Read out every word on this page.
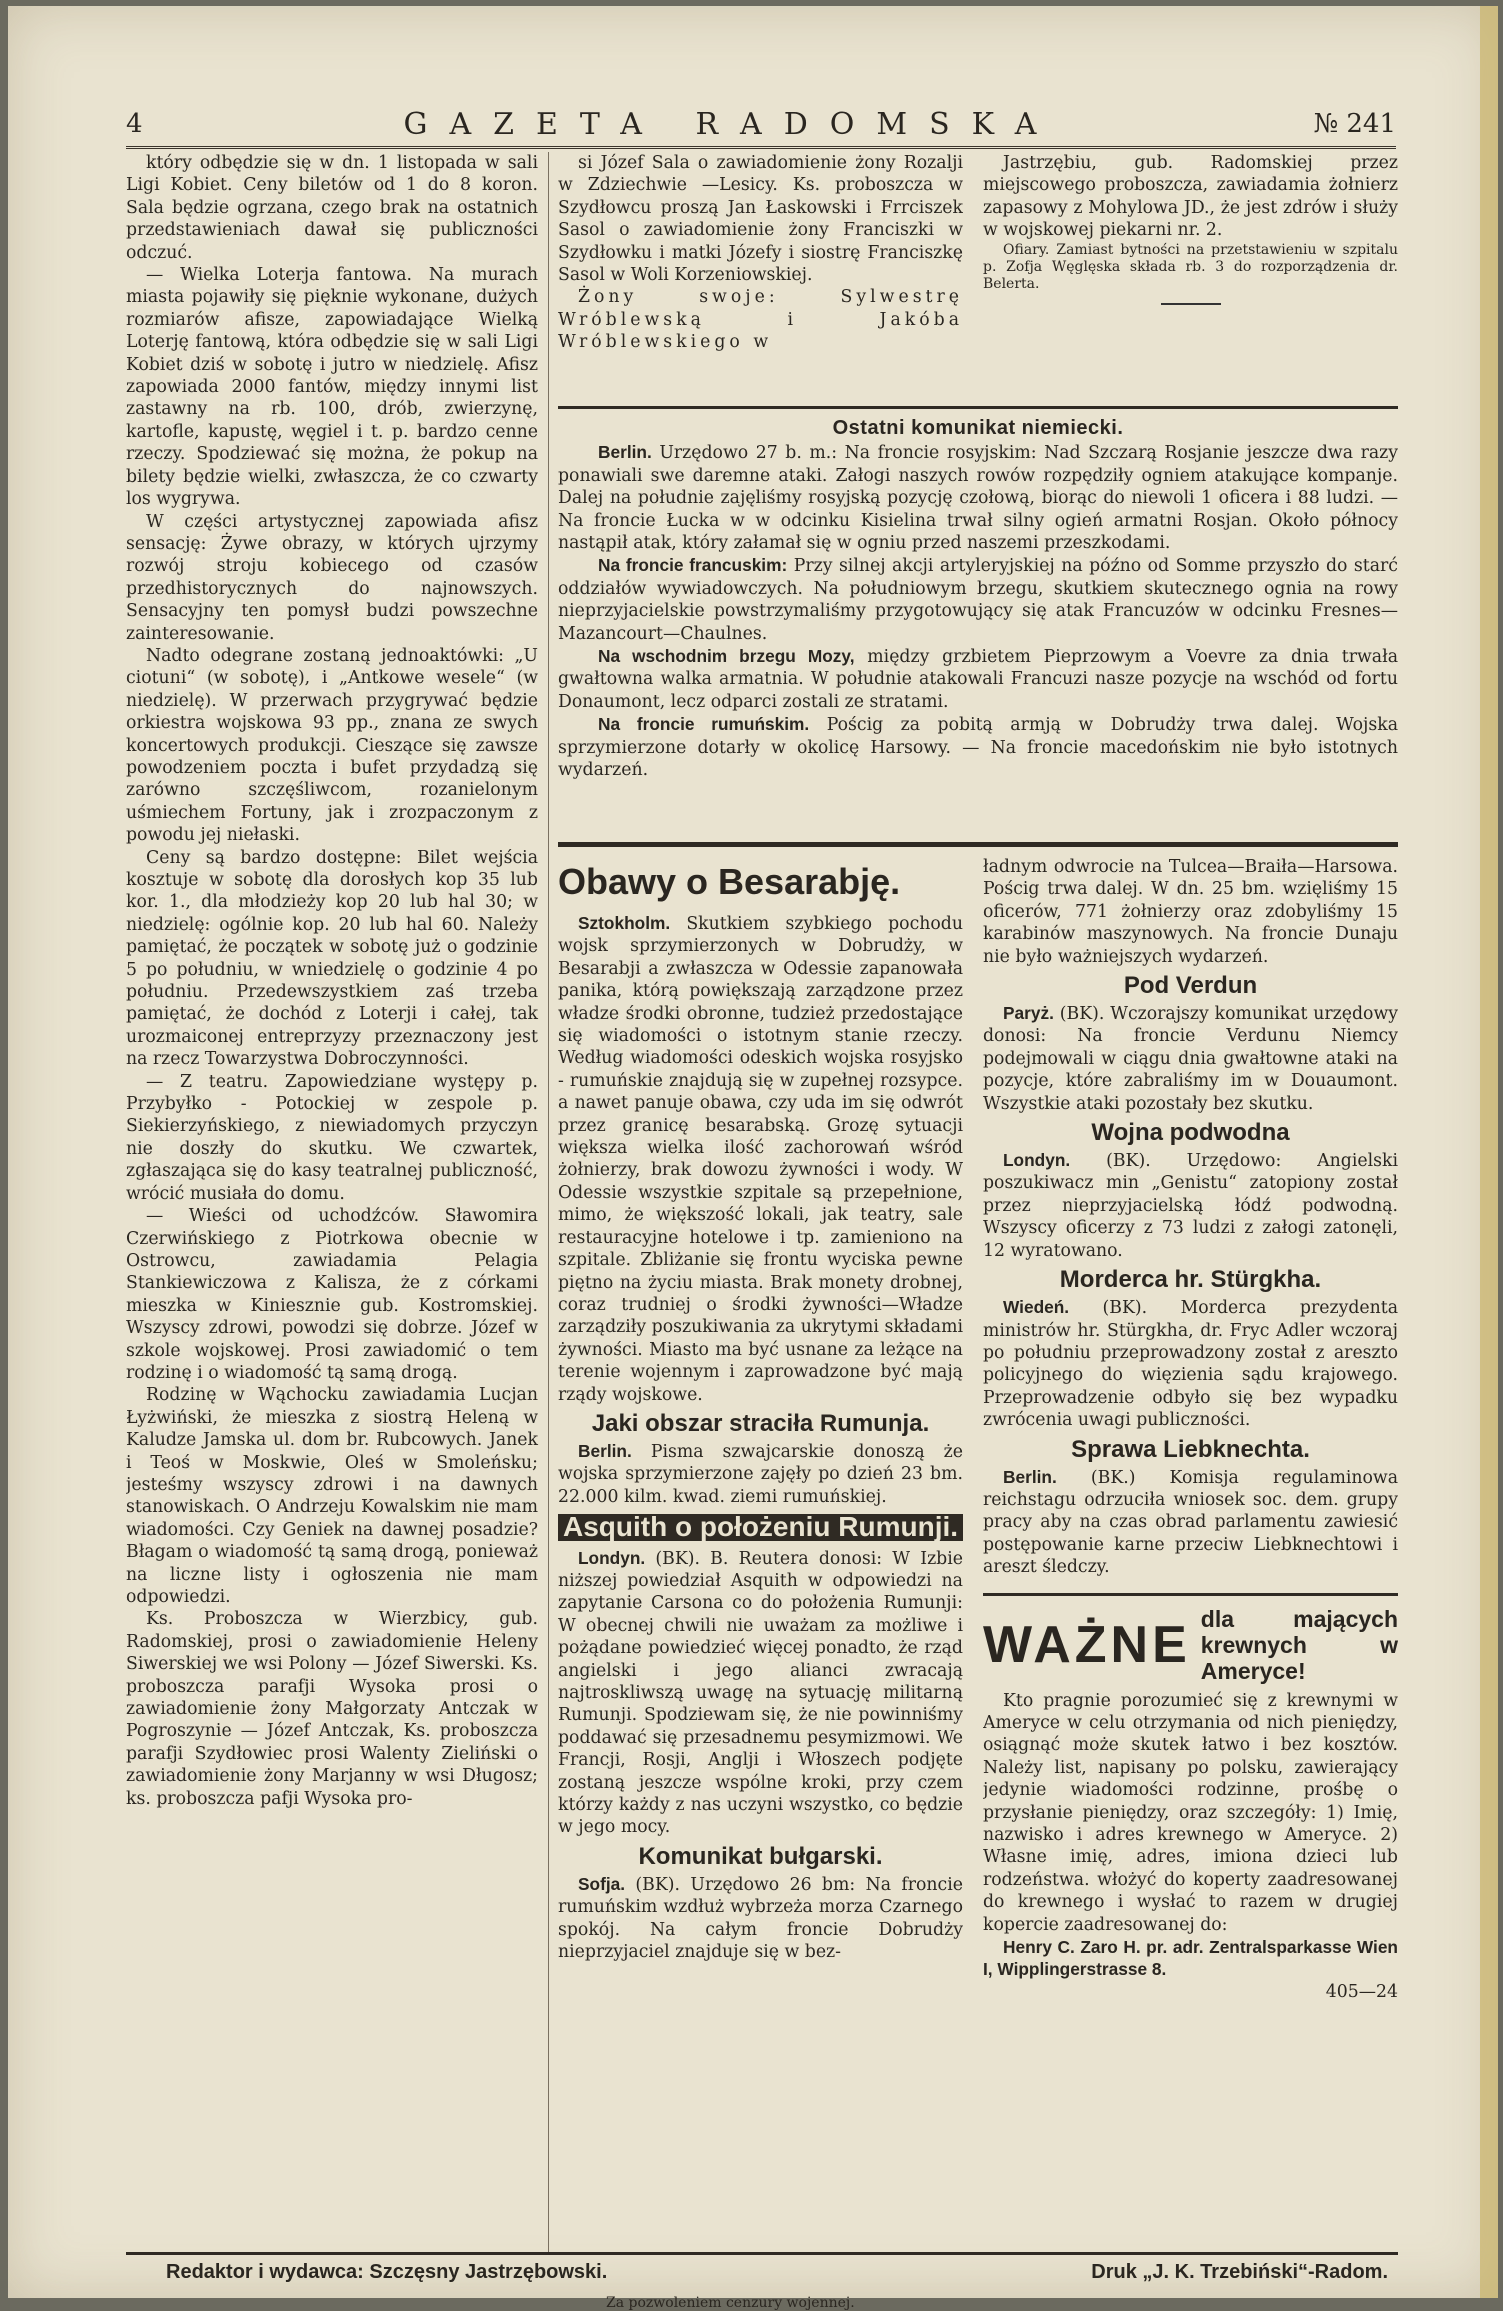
4	GAZETA RADOMSKA	№ 241

który odbędzie się w dn. 1 listopada w sali Ligi Kobiet. Ceny biletów od 1 do 8 koron. Sala będzie ogrzana, czego brak na ostatnich przedstawieniach dawał się publiczności odczuć.

— Wielka Loterja fantowa. Na murach miasta pojawiły się pięknie wykonane, dużych rozmiarów afisze, zapowiadające Wielką Loterję fantową, która odbędzie się w sali Ligi Kobiet dziś w sobotę i jutro w niedzielę. Afisz zapowiada 2000 fantów, między innymi list zastawny na rb. 100, drób, zwierzynę, kartofle, kapustę, węgiel i t. p. bardzo cenne rzeczy. Spodziewać się można, że pokup na bilety będzie wielki, zwłaszcza, że co czwarty los wygrywa.

W części artystycznej zapowiada afisz sensację: Żywe obrazy, w których ujrzymy rozwój stroju kobiecego od czasów przedhistorycznych do najnowszych. Sensacyjny ten pomysł budzi powszechne zainteresowanie.

Nadto odegrane zostaną jednoaktówki: „U ciotuni“ (w sobotę), i „Antkowe wesele“ (w niedzielę). W przerwach przygrywać będzie orkiestra wojskowa 93 pp., znana ze swych koncertowych produkcji. Cieszące się zawsze powodzeniem poczta i bufet przydadzą się zarówno szczęśliwcom, rozanielonym uśmiechem Fortuny, jak i zrozpaczonym z powodu jej niełaski.

Ceny są bardzo dostępne: Bilet wejścia kosztuje w sobotę dla dorosłych kop 35 lub kor. 1., dla młodzieży kop 20 lub hal 30; w niedzielę: ogólnie kop. 20 lub hal 60. Należy pamiętać, że początek w sobotę już o godzinie 5 po południu, w wniedzielę o godzinie 4 po południu. Przedewszystkiem zaś trzeba pamiętać, że dochód z Loterji i całej, tak urozmaiconej entreprzyzy przeznaczony jest na rzecz Towarzystwa Dobroczynności.

— Z teatru. Zapowiedziane występy p. Przybyłko - Potockiej w zespole p. Siekierzyńskiego, z niewiadomych przyczyn nie doszły do skutku. We czwartek, zgłaszająca się do kasy teatralnej publiczność, wrócić musiała do domu.

— Wieści od uchodźców. Sławomira Czerwińskiego z Piotrkowa obecnie w Ostrowcu, zawiadamia Pelagia Stankiewiczowa z Kalisza, że z córkami mieszka w Kiniesznie gub. Kostromskiej. Wszyscy zdrowi, powodzi się dobrze. Józef w szkole wojskowej. Prosi zawiadomić o tem rodzinę i o wiadomość tą samą drogą.

Rodzinę w Wąchocku zawiadamia Lucjan Łyżwiński, że mieszka z siostrą Heleną w Kaludze Jamska ul. dom br. Rubcowych. Janek i Teoś w Moskwie, Oleś w Smoleńsku; jesteśmy wszyscy zdrowi i na dawnych stanowiskach. O Andrzeju Kowalskim nie mam wiadomości. Czy Geniek na dawnej posadzie? Błagam o wiadomość tą samą drogą, ponieważ na liczne listy i ogłoszenia nie mam odpowiedzi.

Ks. Proboszcza w Wierzbicy, gub. Radomskiej, prosi o zawiadomienie Heleny Siwerskiej we wsi Polony — Józef Siwerski. Ks. proboszcza parafji Wysoka prosi o zawiadomienie żony Małgorzaty Antczak w Pogroszynie — Józef Antczak, Ks. proboszcza parafji Szydłowiec prosi Walenty Zieliński o zawiadomienie żony Marjanny w wsi Długosz; ks. proboszcza pafji Wysoka pro-

si Józef Sala o zawiadomienie żony Rozalji w Zdziechwie —Lesicy. Ks. proboszcza w Szydłowcu proszą Jan Łaskowski i Frrciszek Sasol o zawiadomienie żony Franciszki w Szydłowku i matki Józefy i siostrę Franciszkę Sasol w Woli Korzeniowskiej.

Żony swoje: Sylwestrę Wróblewską i Jakóba Wróblewskiego w

Jastrzębiu, gub. Radomskiej przez miejscowego proboszcza, zawiadamia żołnierz zapasowy z Mohylowa JD., że jest zdrów i służy w wojskowej piekarni nr. 2.

Ofiary. Zamiast bytności na przetstawieniu w szpitalu p. Zofja Węglęska składa rb. 3 do rozporządzenia dr. Belerta.

Ostatni komunikat niemiecki.

Berlin. Urzędowo 27 b. m.: Na froncie rosyjskim: Nad Szczarą Rosjanie jeszcze dwa razy ponawiali swe daremne ataki. Załogi naszych rowów rozpędziły ogniem atakujące kompanje. Dalej na południe zajęliśmy rosyjską pozycję czołową, biorąc do niewoli 1 oficera i 88 ludzi. — Na froncie Łucka w w odcinku Kisielina trwał silny ogień armatni Rosjan. Około północy nastąpił atak, który załamał się w ogniu przed naszemi przeszkodami.

Na froncie francuskim: Przy silnej akcji artyleryjskiej na późno od Somme przyszło do starć oddziałów wywiadowczych. Na południowym brzegu, skutkiem skutecznego ognia na rowy nieprzyjacielskie powstrzymaliśmy przygotowujący się atak Francuzów w odcinku Fresnes—Mazancourt—Chaulnes.

Na wschodnim brzegu Mozy, między grzbietem Pieprzowym a Voevre za dnia trwała gwałtowna walka armatnia. W południe atakowali Francuzi nasze pozycje na wschód od fortu Donaumont, lecz odparci zostali ze stratami.

Na froncie rumuńskim. Pościg za pobitą armją w Dobrudży trwa dalej. Wojska sprzymierzone dotarły w okolicę Harsowy. — Na froncie macedońskim nie było istotnych wydarzeń.

Obawy o Besarabję.

Sztokholm. Skutkiem szybkiego pochodu wojsk sprzymierzonych w Dobrudży, w Besarabji a zwłaszcza w Odessie zapanowała panika, którą powiększają zarządzone przez władze środki obronne, tudzież przedostające się wiadomości o istotnym stanie rzeczy. Według wiadomości odeskich wojska rosyjsko - rumuńskie znajdują się w zupełnej rozsypce. a nawet panuje obawa, czy uda im się odwrót przez granicę besarabską. Grozę sytuacji większa wielka ilość zachorowań wśród żołnierzy, brak dowozu żywności i wody. W Odessie wszystkie szpitale są przepełnione, mimo, że większość lokali, jak teatry, sale restauracyjne hotelowe i tp. zamieniono na szpitale. Zbliżanie się frontu wyciska pewne piętno na życiu miasta. Brak monety drobnej, coraz trudniej o środki żywności—Władze zarządziły poszukiwania za ukrytymi składami żywności. Miasto ma być usnane za leżące na terenie wojennym i zaprowadzone być mają rządy wojskowe.

Jaki obszar straciła Rumunja.

Berlin. Pisma szwajcarskie donoszą że wojska sprzymierzone zajęły po dzień 23 bm. 22.000 kilm. kwad. ziemi rumuńskiej.

Asquith o położeniu Rumunji.

Londyn. (BK). B. Reutera donosi: W Izbie niższej powiedział Asquith w odpowiedzi na zapytanie Carsona co do położenia Rumunji: W obecnej chwili nie uważam za możliwe i pożądane powiedzieć więcej ponadto, że rząd angielski i jego alianci zwracają najtroskliwszą uwagę na sytuację militarną Rumunji. Spodziewam się, że nie powinniśmy poddawać się przesadnemu pesymizmowi. We Francji, Rosji, Anglji i Włoszech podjęte zostaną jeszcze wspólne kroki, przy czem którzy każdy z nas uczyni wszystko, co będzie w jego mocy.

Komunikat bułgarski.

Sofja. (BK). Urzędowo 26 bm: Na froncie rumuńskim wzdłuż wybrzeża morza Czarnego spokój. Na całym froncie Dobrudży nieprzyjaciel znajduje się w bez-

ładnym odwrocie na Tulcea—Braiła—Harsowa. Pościg trwa dalej. W dn. 25 bm. wzięliśmy 15 oficerów, 771 żołnierzy oraz zdobyliśmy 15 karabinów maszynowych. Na froncie Dunaju nie było ważniejszych wydarzeń.

Pod Verdun

Paryż. (BK). Wczorajszy komunikat urzędowy donosi: Na froncie Verdunu Niemcy podejmowali w ciągu dnia gwałtowne ataki na pozycje, które zabraliśmy im w Douaumont. Wszystkie ataki pozostały bez skutku.

Wojna podwodna

Londyn. (BK). Urzędowo: Angielski poszukiwacz min „Genistu“ zatopiony został przez nieprzyjacielską łódź podwodną. Wszyscy oficerzy z 73 ludzi z załogi zatonęli, 12 wyratowano.

Morderca hr. Stürgkha.

Wiedeń. (BK). Morderca prezydenta ministrów hr. Stürgkha, dr. Fryc Adler wczoraj po południu przeprowadzony został z areszto policyjnego do więzienia sądu krajowego. Przeprowadzenie odbyło się bez wypadku zwrócenia uwagi publiczności.

Sprawa Liebknechta.

Berlin. (BK.) Komisja regulaminowa reichstagu odrzuciła wniosek soc. dem. grupy pracy aby na czas obrad parlamentu zawiesić postępowanie karne przeciw Liebknechtowi i areszt śledczy.

WAŻNE dla mających krewnych w Ameryce!

Kto pragnie porozumieć się z krewnymi w Ameryce w celu otrzymania od nich pieniędzy, osiągnąć może skutek łatwo i bez kosztów. Należy list, napisany po polsku, zawierający jedynie wiadomości rodzinne, prośbę o przysłanie pieniędzy, oraz szczegóły: 1) Imię, nazwisko i adres krewnego w Ameryce. 2) Własne imię, adres, imiona dzieci lub rodzeństwa. włożyć do koperty zaadresowanej do krewnego i wysłać to razem w drugiej kopercie zaadresowanej do:

Henry C. Zaro H. pr. adr. Zentralsparkasse Wien I, Wipplingerstrasse 8.

405—24
Redaktor i wydawca: Szczęsny Jastrzębowski.	Druk „J. K. Trzebiński“-Radom.
Za pozwoleniem cenzury wojennej.
